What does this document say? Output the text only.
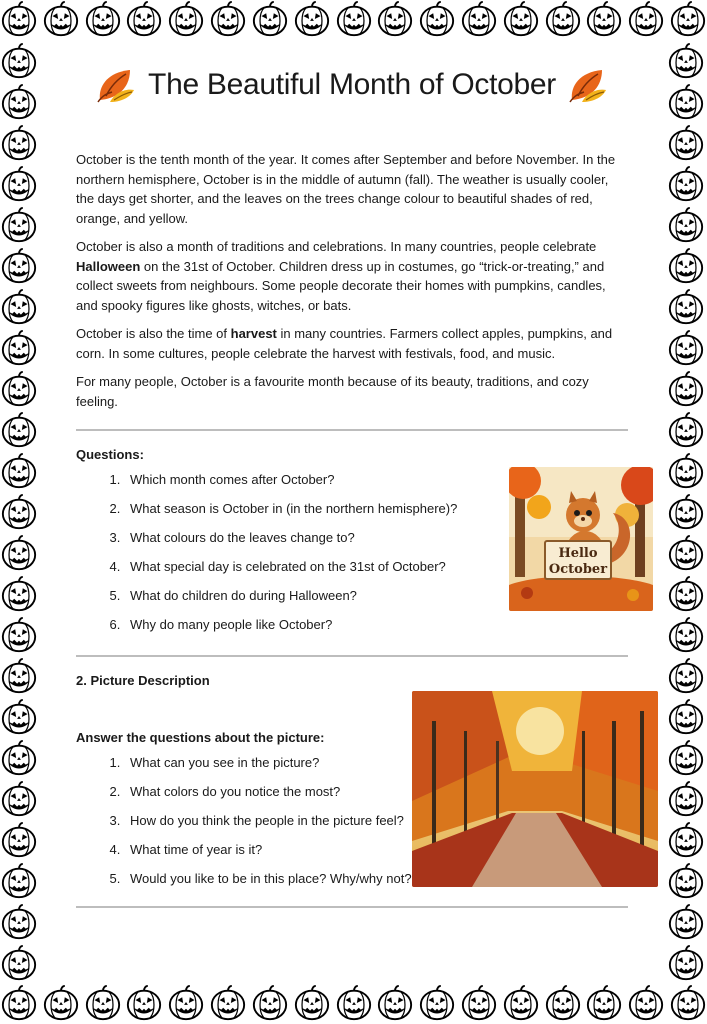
The Beautiful Month of October

October is the tenth month of the year. It comes after September and before November. In the northern hemisphere, October is in the middle of autumn (fall). The weather is usually cooler, the days get shorter, and the leaves on the trees change colour to beautiful shades of red, orange, and yellow.

October is also a month of traditions and celebrations. In many countries, people celebrate Halloween on the 31st of October. Children dress up in costumes, go “trick-or-treating,” and collect sweets from neighbours. Some people decorate their homes with pumpkins, candles, and spooky figures like ghosts, witches, or bats.

October is also the time of harvest in many countries. Farmers collect apples, pumpkins, and corn. In some cultures, people celebrate the harvest with festivals, food, and music.

For many people, October is a favourite month because of its beauty, traditions, and cozy feeling.

Questions:

1. Which month comes after October?
2. What season is October in (in the northern hemisphere)?
3. What colours do the leaves change to?
4. What special day is celebrated on the 31st of October?
5. What do children do during Halloween?
6. Why do many people like October?

2. Picture Description

Answer the questions about the picture:

1. What can you see in the picture?
2. What colors do you notice the most?
3. How do you think the people in the picture feel?
4. What time of year is it?
5. Would you like to be in this place? Why/why not?
Hello
October
